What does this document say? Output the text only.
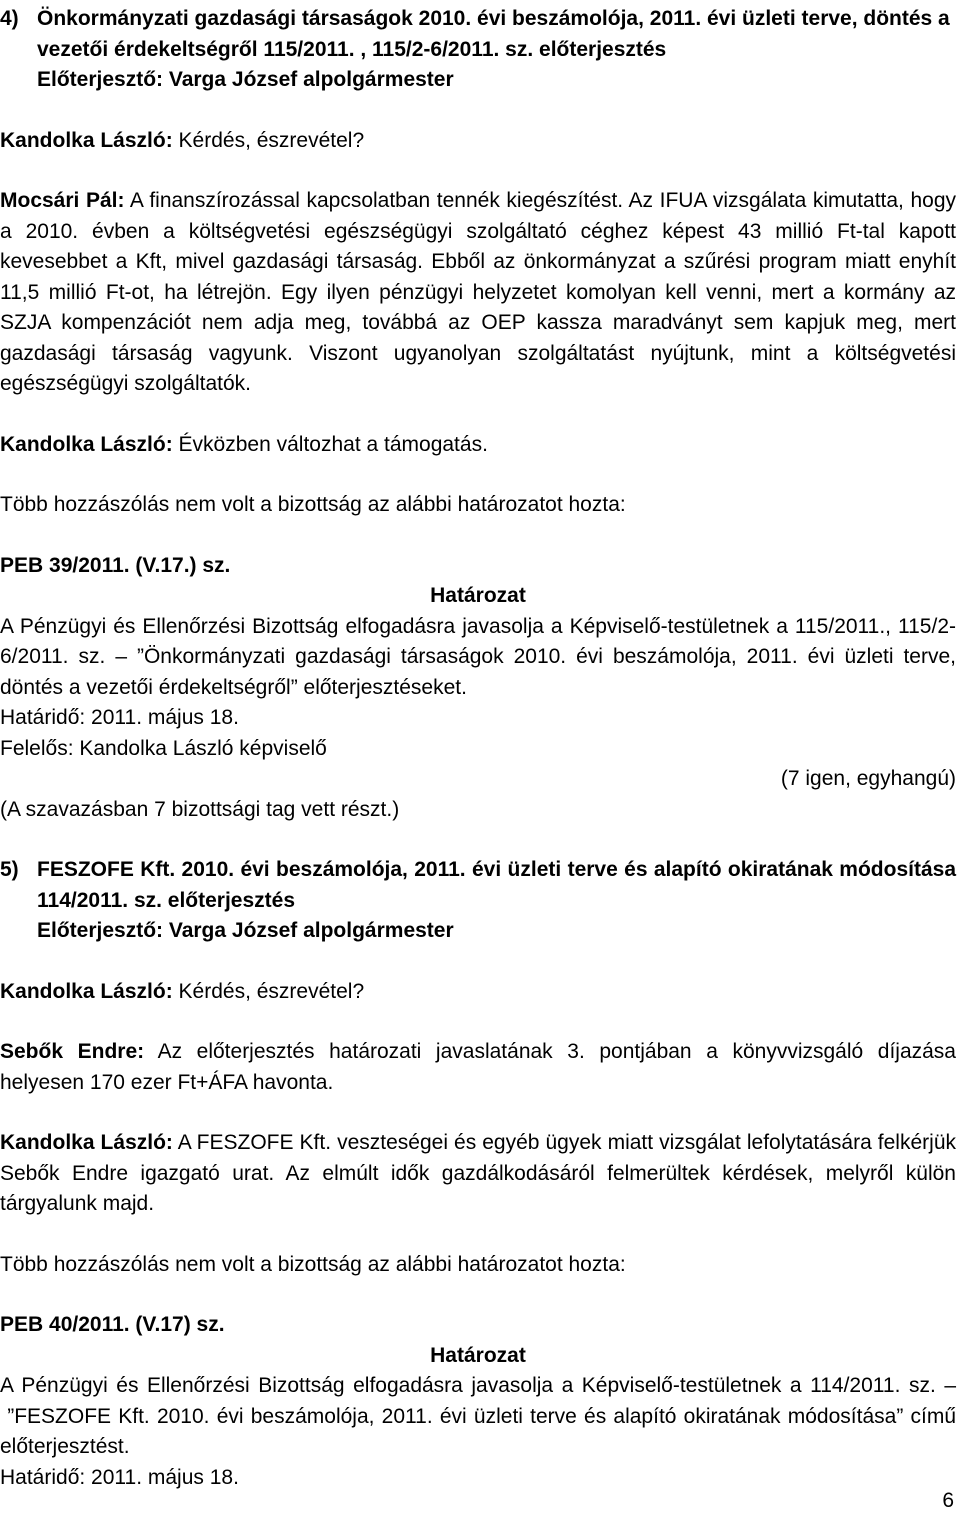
4) Önkormányzati gazdasági társaságok 2010. évi beszámolója, 2011. évi üzleti terve, döntés a
vezetői érdekeltségről 115/2011. , 115/2-6/2011. sz. előterjesztés
Előterjesztő: Varga József alpolgármester

Kandolka László: Kérdés, észrevétel?

Mocsári Pál: A finanszírozással kapcsolatban tennék kiegészítést. Az IFUA vizsgálata kimutatta, hogy a 2010. évben a költségvetési egészségügyi szolgáltató céghez képest 43 millió Ft-tal kapott kevesebbet a Kft, mivel gazdasági társaság. Ebből az önkormányzat a szűrési program miatt enyhít 11,5 millió Ft-ot, ha létrejön. Egy ilyen pénzügyi helyzetet komolyan kell venni, mert a kormány az SZJA kompenzációt nem adja meg, továbbá az OEP kassza maradványt sem kapjuk meg, mert gazdasági társaság vagyunk. Viszont ugyanolyan szolgáltatást nyújtunk, mint a költségvetési egészségügyi szolgáltatók.

Kandolka László: Évközben változhat a támogatás.

Több hozzászólás nem volt a bizottság az alábbi határozatot hozta:

PEB 39/2011. (V.17.) sz.

Határozat

A Pénzügyi és Ellenőrzési Bizottság elfogadásra javasolja a Képviselő-testületnek a 115/2011., 115/2-6/2011. sz. – ”Önkormányzati gazdasági társaságok 2010. évi beszámolója, 2011. évi üzleti terve, döntés a vezetői érdekeltségről” előterjesztéseket.

Határidő: 2011. május 18.

Felelős: Kandolka László képviselő

(7 igen, egyhangú)

(A szavazásban 7 bizottsági tag vett részt.)

5) FESZOFE Kft. 2010. évi beszámolója, 2011. évi üzleti terve és alapító okiratának módosítása 114/2011. sz. előterjesztés
Előterjesztő: Varga József alpolgármester

Kandolka László: Kérdés, észrevétel?

Sebők Endre: Az előterjesztés határozati javaslatának 3. pontjában a könyvvizsgáló díjazása helyesen 170 ezer Ft+ÁFA havonta.

Kandolka László: A FESZOFE Kft. veszteségei és egyéb ügyek miatt vizsgálat lefolytatására felkérjük Sebők Endre igazgató urat. Az elmúlt idők gazdálkodásáról felmerültek kérdések, melyről külön tárgyalunk majd.

Több hozzászólás nem volt a bizottság az alábbi határozatot hozta:

PEB 40/2011. (V.17) sz.

Határozat

A Pénzügyi és Ellenőrzési Bizottság elfogadásra javasolja a Képviselő-testületnek a 114/2011. sz. – ”FESZOFE Kft. 2010. évi beszámolója, 2011. évi üzleti terve és alapító okiratának módosítása” című előterjesztést.

Határidő: 2011. május 18.

6
